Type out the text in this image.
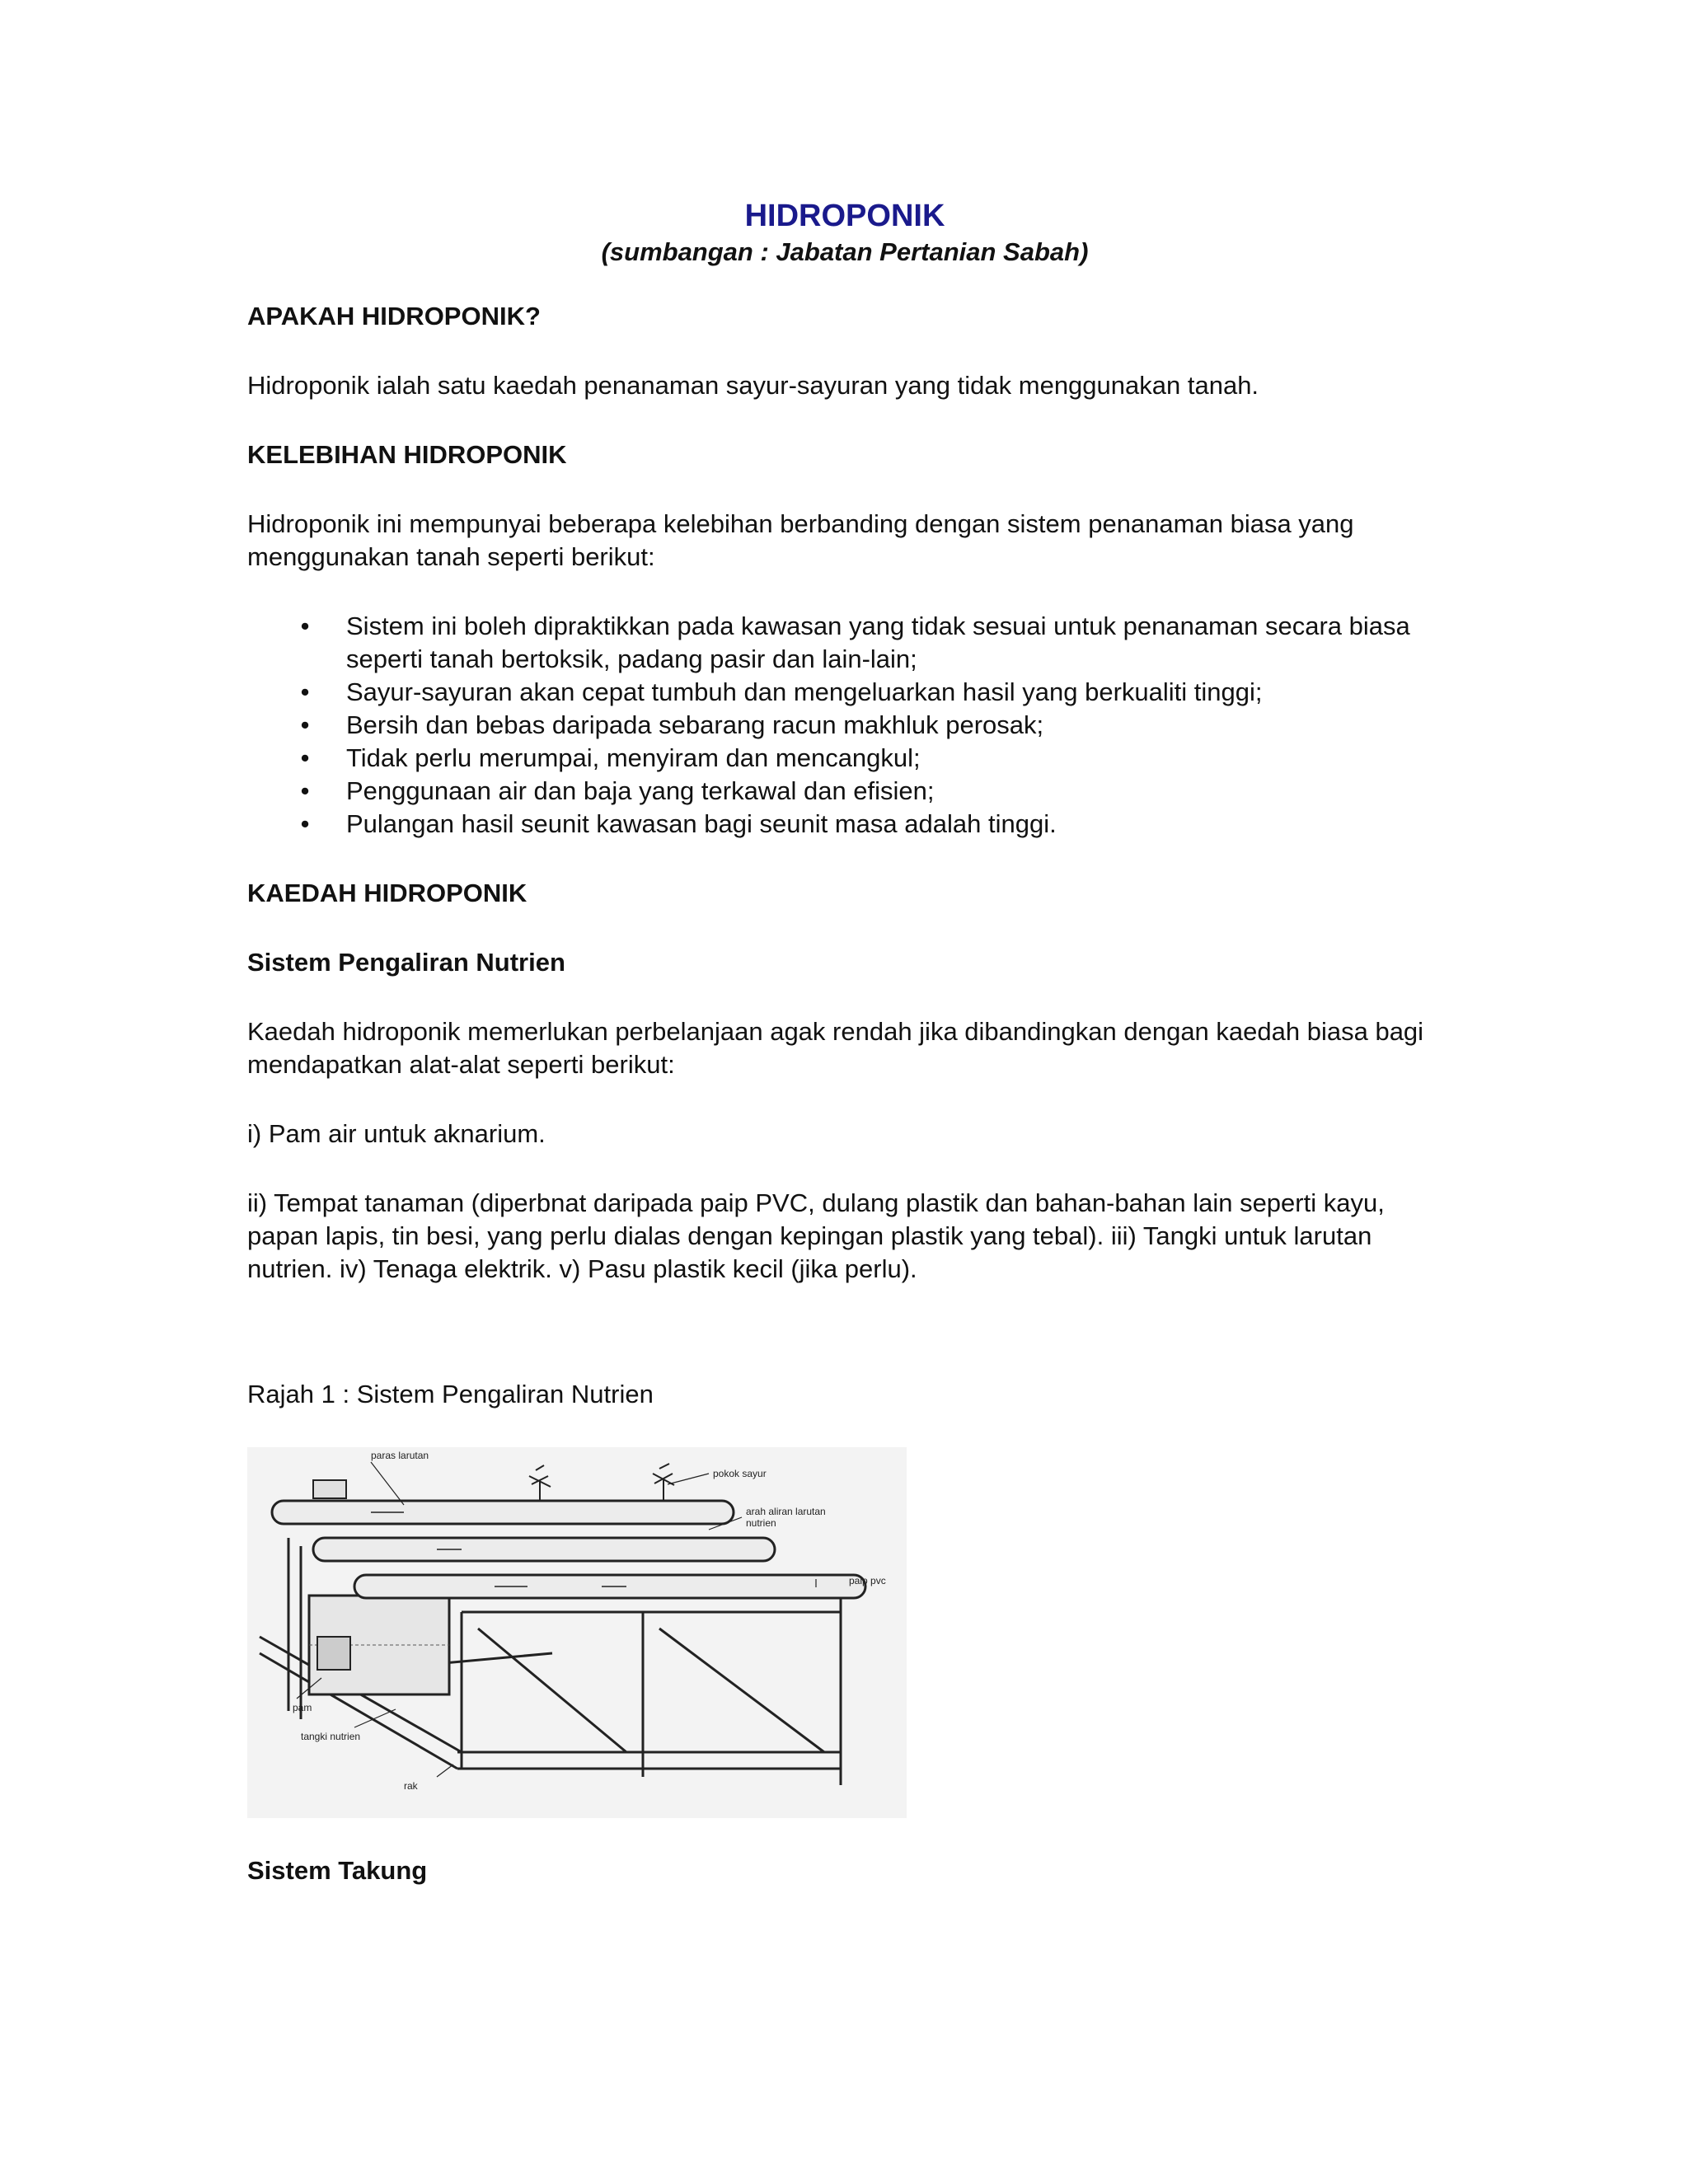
HIDROPONIK
(sumbangan : Jabatan Pertanian Sabah)
APAKAH HIDROPONIK?
Hidroponik ialah satu kaedah penanaman sayur-sayuran yang tidak menggunakan tanah.
KELEBIHAN HIDROPONIK
Hidroponik ini mempunyai beberapa kelebihan berbanding dengan sistem penanaman biasa yang menggunakan tanah seperti berikut:
• Sistem ini boleh dipraktikkan pada kawasan yang tidak sesuai untuk penanaman secara biasa seperti tanah bertoksik, padang pasir dan lain-lain;
• Sayur-sayuran akan cepat tumbuh dan mengeluarkan hasil yang berkualiti tinggi;
• Bersih dan bebas daripada sebarang racun makhluk perosak;
• Tidak perlu merumpai, menyiram dan mencangkul;
• Penggunaan air dan baja yang terkawal dan efisien;
• Pulangan hasil seunit kawasan bagi seunit masa adalah tinggi.
KAEDAH HIDROPONIK
Sistem Pengaliran Nutrien
Kaedah hidroponik memerlukan perbelanjaan agak rendah jika dibandingkan dengan kaedah biasa bagi mendapatkan alat-alat seperti berikut:
i) Pam air untuk aknarium.
ii) Tempat tanaman (diperbnat daripada paip PVC, dulang plastik dan bahan-bahan lain seperti kayu, papan lapis, tin besi, yang perlu dialas dengan kepingan plastik yang tebal). iii) Tangki untuk larutan nutrien. iv) Tenaga elektrik. v) Pasu plastik kecil (jika perlu).
Rajah 1 : Sistem Pengaliran Nutrien
paras larutan
pokok sayur
arah aliran larutan
nutrien
paip pvc
pam
tangki nutrien
rak
Sistem Takung
